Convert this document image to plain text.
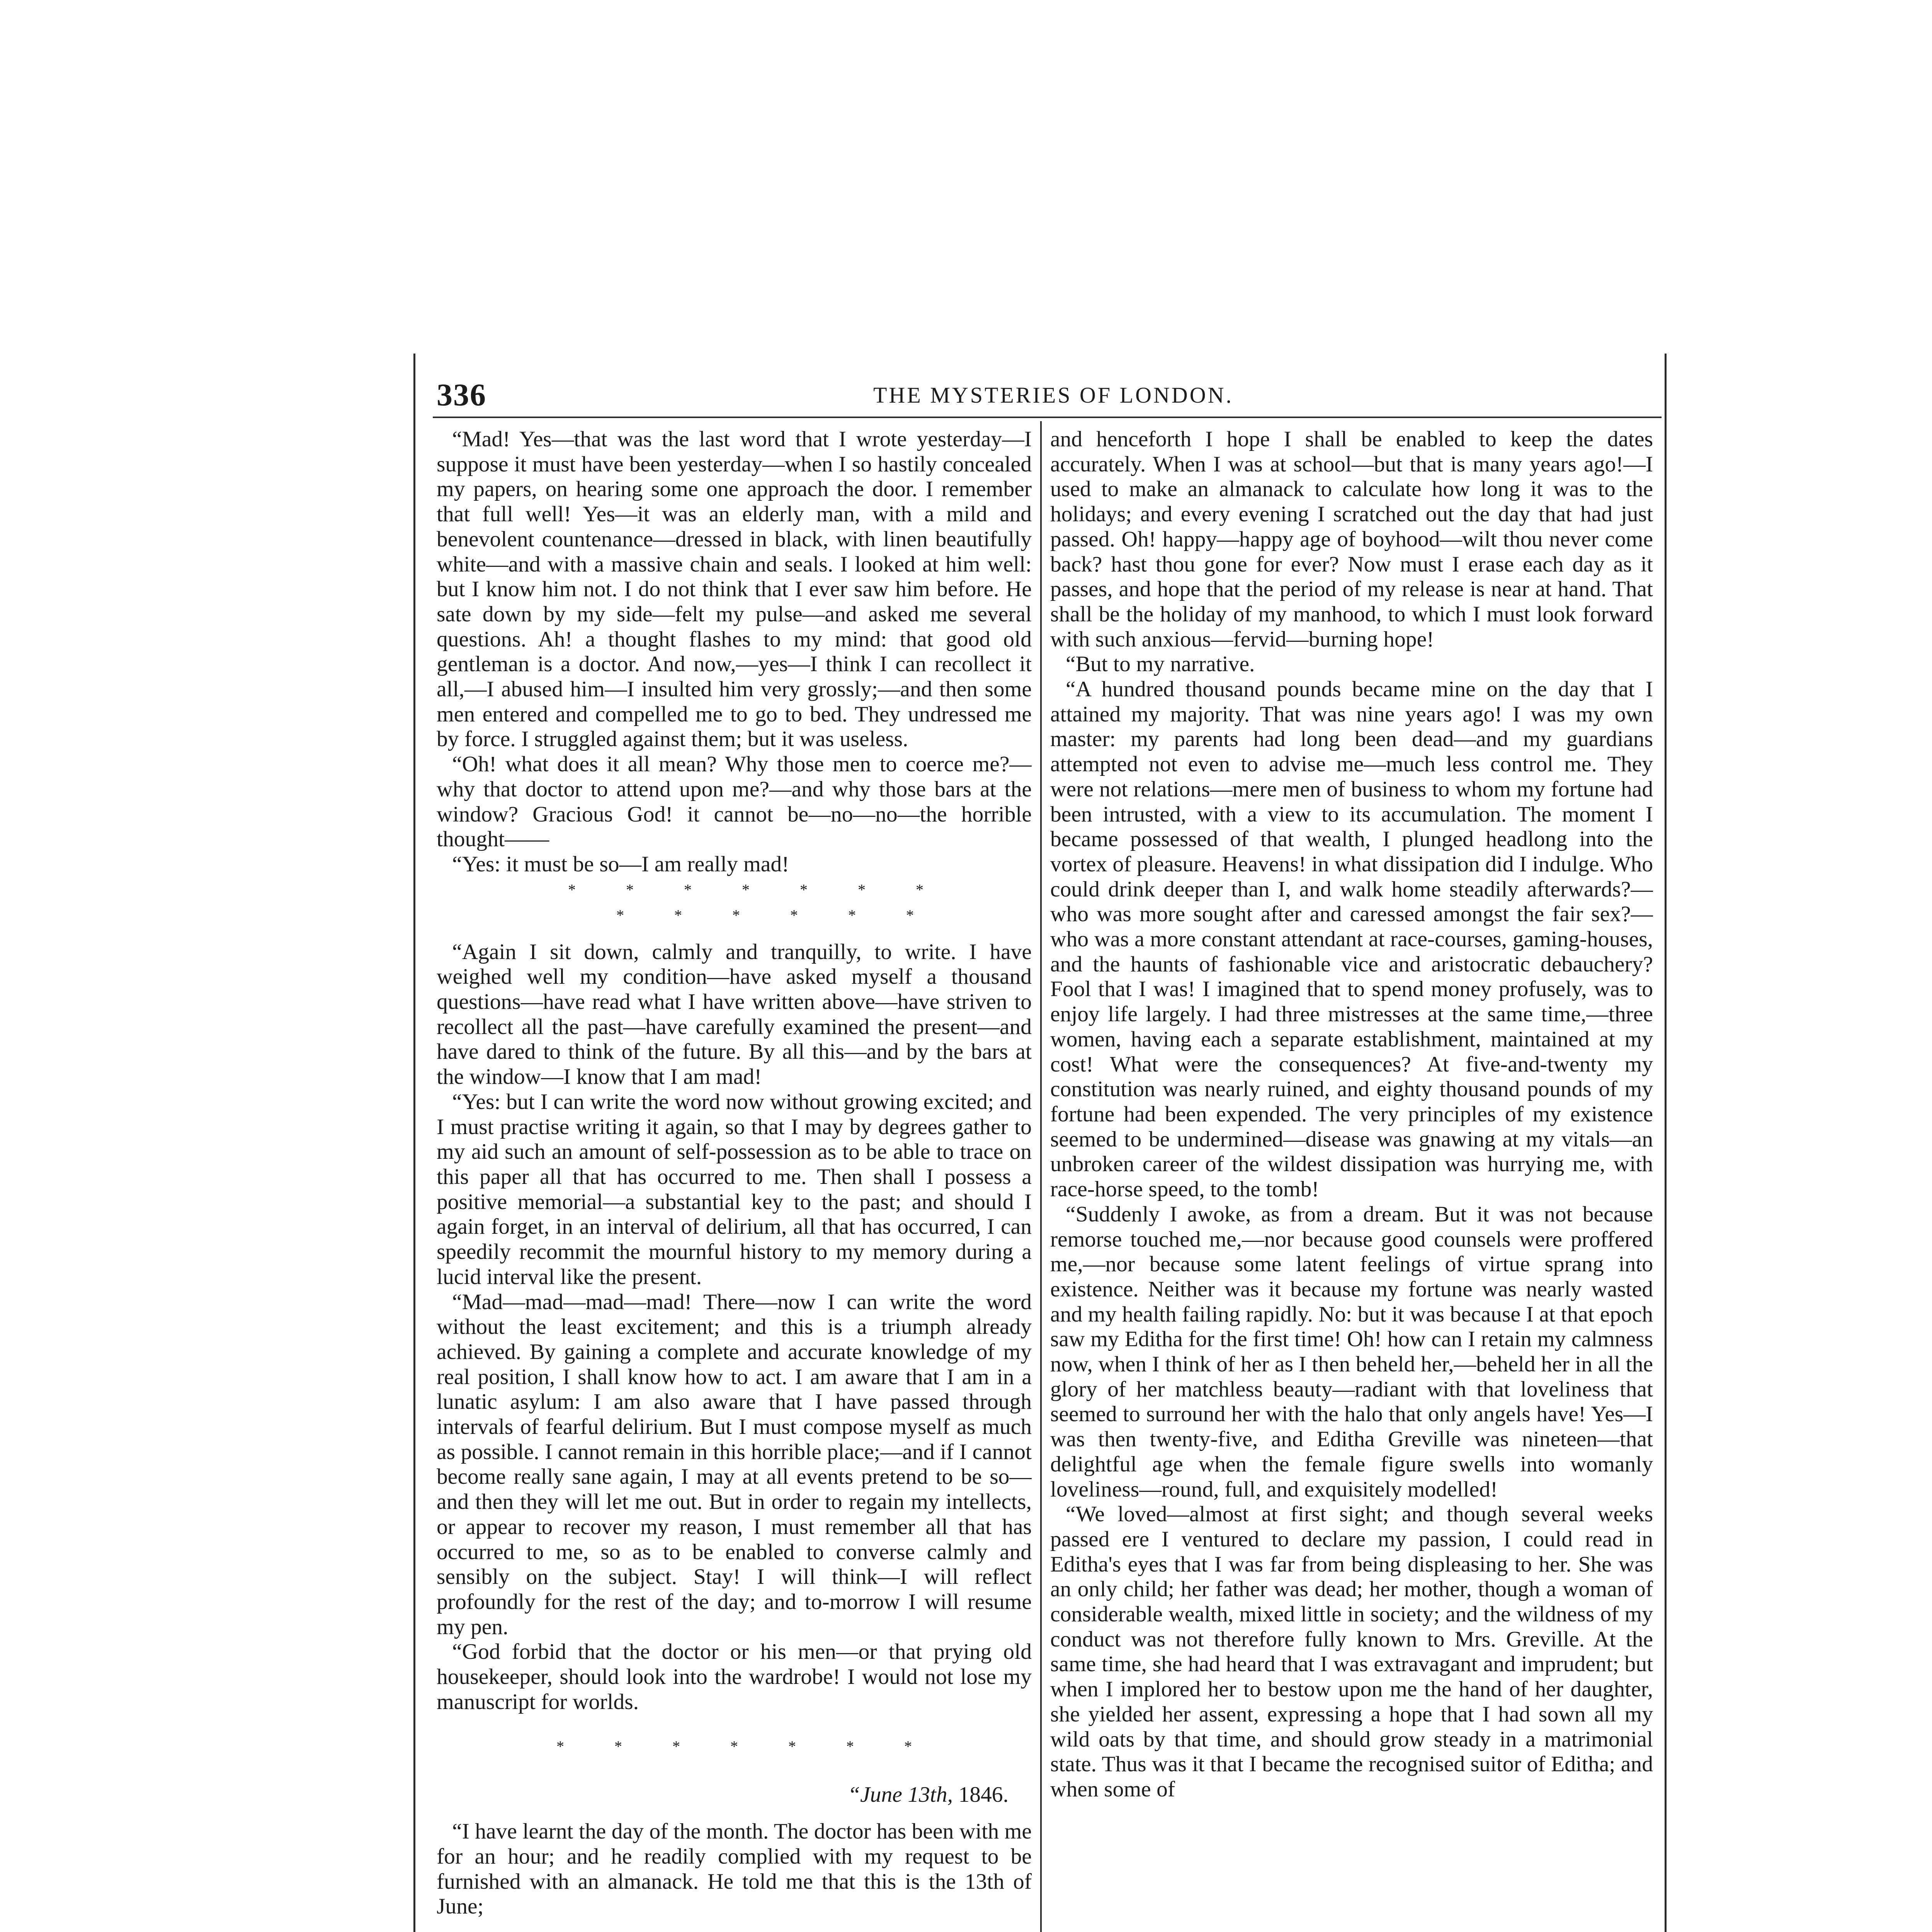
336	THE MYSTERIES OF LONDON.

“Mad! Yes—that was the last word that I wrote yesterday—I suppose it must have been yesterday—when I so hastily concealed my papers, on hearing some one approach the door. I remember that full well! Yes—it was an elderly man, with a mild and benevolent countenance—dressed in black, with linen beautifully white—and with a massive chain and seals. I looked at him well: but I know him not. I do not think that I ever saw him before. He sate down by my side—felt my pulse—and asked me several questions. Ah! a thought flashes to my mind: that good old gentleman is a doctor. And now,—yes—I think I can recollect it all,—I abused him—I insulted him very grossly;—and then some men entered and compelled me to go to bed. They undressed me by force. I struggled against them; but it was useless.

“Oh! what does it all mean? Why those men to coerce me?—why that doctor to attend upon me?—and why those bars at the window? Gracious God! it cannot be—no—no—the horrible thought——

“Yes: it must be so—I am really mad!

* * * * * * *

* * * * * *

“Again I sit down, calmly and tranquilly, to write. I have weighed well my condition—have asked myself a thousand questions—have read what I have written above—have striven to recollect all the past—have carefully examined the present—and have dared to think of the future. By all this—and by the bars at the window—I know that I am mad!

“Yes: but I can write the word now without growing excited; and I must practise writing it again, so that I may by degrees gather to my aid such an amount of self-possession as to be able to trace on this paper all that has occurred to me. Then shall I possess a positive memorial—a substantial key to the past; and should I again forget, in an interval of delirium, all that has occurred, I can speedily recommit the mournful history to my memory during a lucid interval like the present.

“Mad—mad—mad—mad! There—now I can write the word without the least excitement; and this is a triumph already achieved. By gaining a complete and accurate knowledge of my real position, I shall know how to act. I am aware that I am in a lunatic asylum: I am also aware that I have passed through intervals of fearful delirium. But I must compose myself as much as possible. I cannot remain in this horrible place;—and if I cannot become really sane again, I may at all events pretend to be so—and then they will let me out. But in order to regain my intellects, or appear to recover my reason, I must remember all that has occurred to me, so as to be enabled to converse calmly and sensibly on the subject. Stay! I will think—I will reflect profoundly for the rest of the day; and to-morrow I will resume my pen.

“God forbid that the doctor or his men—or that prying old housekeeper, should look into the wardrobe! I would not lose my manuscript for worlds.

* * * * * * *

“June 13th, 1846.

“I have learnt the day of the month. The doctor has been with me for an hour; and he readily complied with my request to be furnished with an almanack. He told me that this is the 13th of June;

and henceforth I hope I shall be enabled to keep the dates accurately. When I was at school—but that is many years ago!—I used to make an almanack to calculate how long it was to the holidays; and every evening I scratched out the day that had just passed. Oh! happy—happy age of boyhood—wilt thou never come back? hast thou gone for ever? Now must I erase each day as it passes, and hope that the period of my release is near at hand. That shall be the holiday of my manhood, to which I must look forward with such anxious—fervid—burning hope!

“But to my narrative.

“A hundred thousand pounds became mine on the day that I attained my majority. That was nine years ago! I was my own master: my parents had long been dead—and my guardians attempted not even to advise me—much less control me. They were not relations—mere men of business to whom my fortune had been intrusted, with a view to its accumulation. The moment I became possessed of that wealth, I plunged headlong into the vortex of pleasure. Heavens! in what dissipation did I indulge. Who could drink deeper than I, and walk home steadily afterwards?—who was more sought after and caressed amongst the fair sex?—who was a more constant attendant at race-courses, gaming-houses, and the haunts of fashionable vice and aristocratic debauchery? Fool that I was! I imagined that to spend money profusely, was to enjoy life largely. I had three mistresses at the same time,—three women, having each a separate establishment, maintained at my cost! What were the consequences? At five-and-twenty my constitution was nearly ruined, and eighty thousand pounds of my fortune had been expended. The very principles of my existence seemed to be undermined—disease was gnawing at my vitals—an unbroken career of the wildest dissipation was hurrying me, with race-horse speed, to the tomb!

“Suddenly I awoke, as from a dream. But it was not because remorse touched me,—nor because good counsels were proffered me,—nor because some latent feelings of virtue sprang into existence. Neither was it because my fortune was nearly wasted and my health failing rapidly. No: but it was because I at that epoch saw my Editha for the first time! Oh! how can I retain my calmness now, when I think of her as I then beheld her,—beheld her in all the glory of her matchless beauty—radiant with that loveliness that seemed to surround her with the halo that only angels have! Yes—I was then twenty-five, and Editha Greville was nineteen—that delightful age when the female figure swells into womanly loveliness—round, full, and exquisitely modelled!

“We loved—almost at first sight; and though several weeks passed ere I ventured to declare my passion, I could read in Editha's eyes that I was far from being displeasing to her. She was an only child; her father was dead; her mother, though a woman of considerable wealth, mixed little in society; and the wildness of my conduct was not therefore fully known to Mrs. Greville. At the same time, she had heard that I was extravagant and imprudent; but when I implored her to bestow upon me the hand of her daughter, she yielded her assent, expressing a hope that I had sown all my wild oats by that time, and should grow steady in a matrimonial state. Thus was it that I became the recognised suitor of Editha; and when some of
